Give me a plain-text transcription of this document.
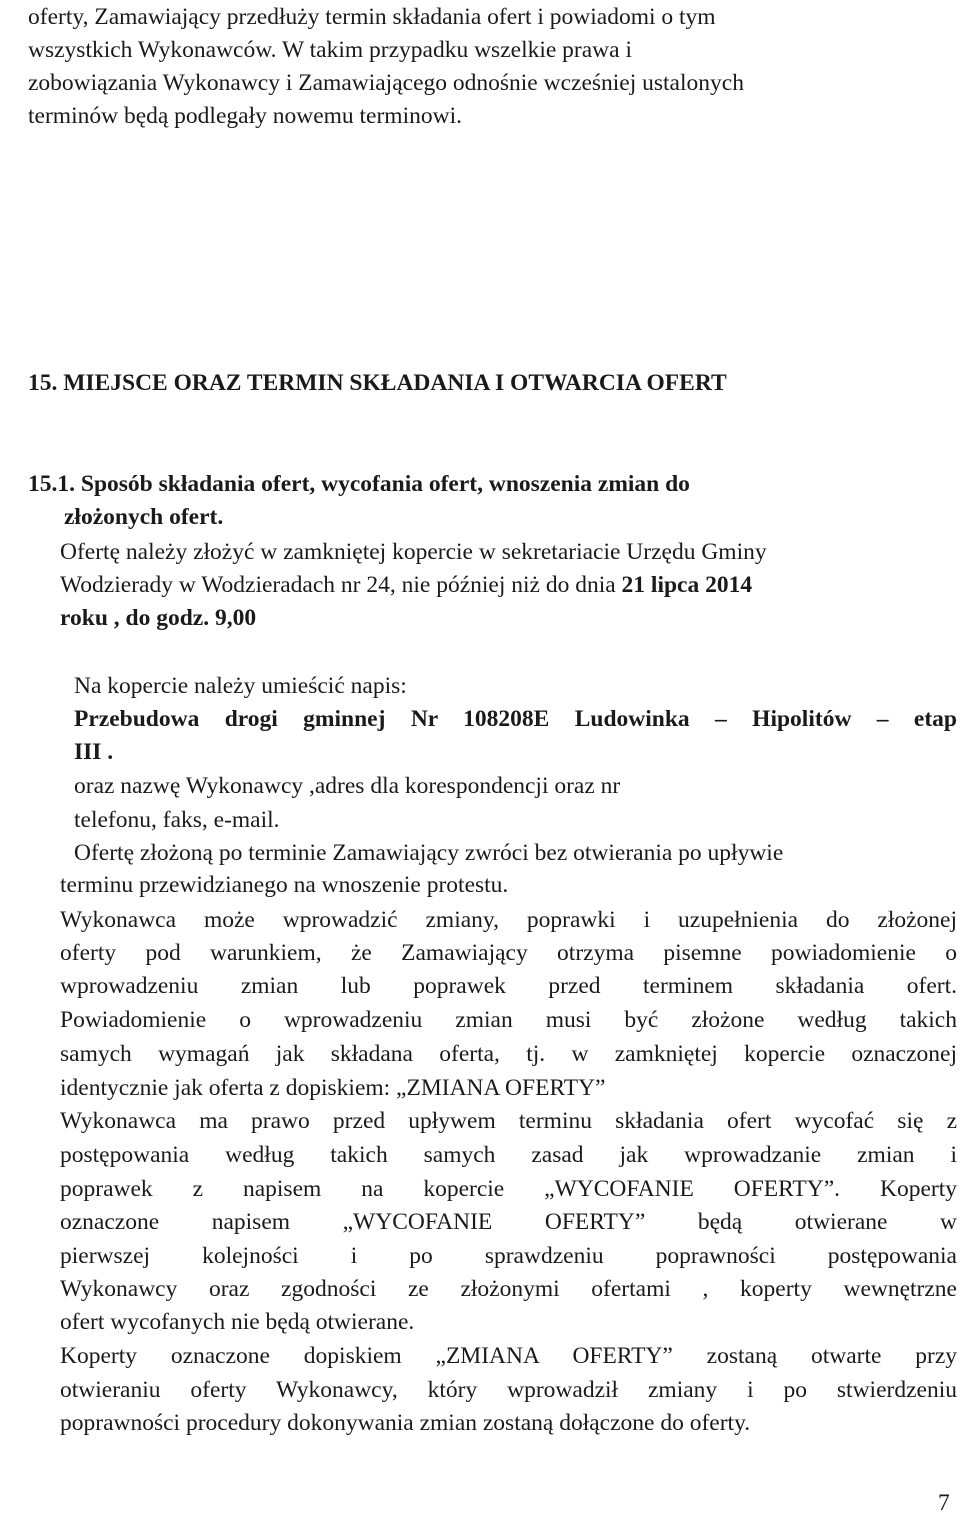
oferty, Zamawiający przedłuży termin składania ofert i powiadomi o tym
wszystkich Wykonawców. W takim przypadku wszelkie prawa i
zobowiązania Wykonawcy i Zamawiającego odnośnie wcześniej ustalonych
terminów będą podlegały nowemu terminowi.
15. MIEJSCE ORAZ TERMIN SKŁADANIA I OTWARCIA OFERT
15.1. Sposób składania ofert, wycofania ofert, wnoszenia zmian do
złożonych ofert.
Ofertę należy złożyć w zamkniętej kopercie w sekretariacie Urzędu Gminy
Wodzierady w Wodzieradach nr 24, nie później niż do dnia 21 lipca 2014
roku , do godz. 9,00
Na kopercie należy umieścić napis:
Przebudowa drogi gminnej Nr 108208E Ludowinka – Hipolitów – etap
III .
oraz nazwę Wykonawcy ,adres dla korespondencji oraz nr
telefonu, faks, e-mail.
Ofertę złożoną po terminie Zamawiający zwróci bez otwierania po upływie
terminu przewidzianego na wnoszenie protestu.
Wykonawca może wprowadzić zmiany, poprawki i uzupełnienia do złożonej
oferty pod warunkiem, że Zamawiający otrzyma pisemne powiadomienie o
wprowadzeniu zmian lub poprawek przed terminem składania ofert.
Powiadomienie o wprowadzeniu zmian musi być złożone według takich
samych wymagań jak składana oferta, tj. w zamkniętej kopercie oznaczonej
identycznie jak oferta z dopiskiem: „ZMIANA OFERTY”
Wykonawca ma prawo przed upływem terminu składania ofert wycofać się z
postępowania według takich samych zasad jak wprowadzanie zmian i
poprawek z napisem na kopercie „WYCOFANIE OFERTY”. Koperty
oznaczone napisem „WYCOFANIE OFERTY” będą otwierane w
pierwszej kolejności i po sprawdzeniu poprawności postępowania
Wykonawcy oraz zgodności ze złożonymi ofertami , koperty wewnętrzne
ofert wycofanych nie będą otwierane.
Koperty oznaczone dopiskiem „ZMIANA OFERTY” zostaną otwarte przy
otwieraniu oferty Wykonawcy, który wprowadził zmiany i po stwierdzeniu
poprawności procedury dokonywania zmian zostaną dołączone do oferty.
7
